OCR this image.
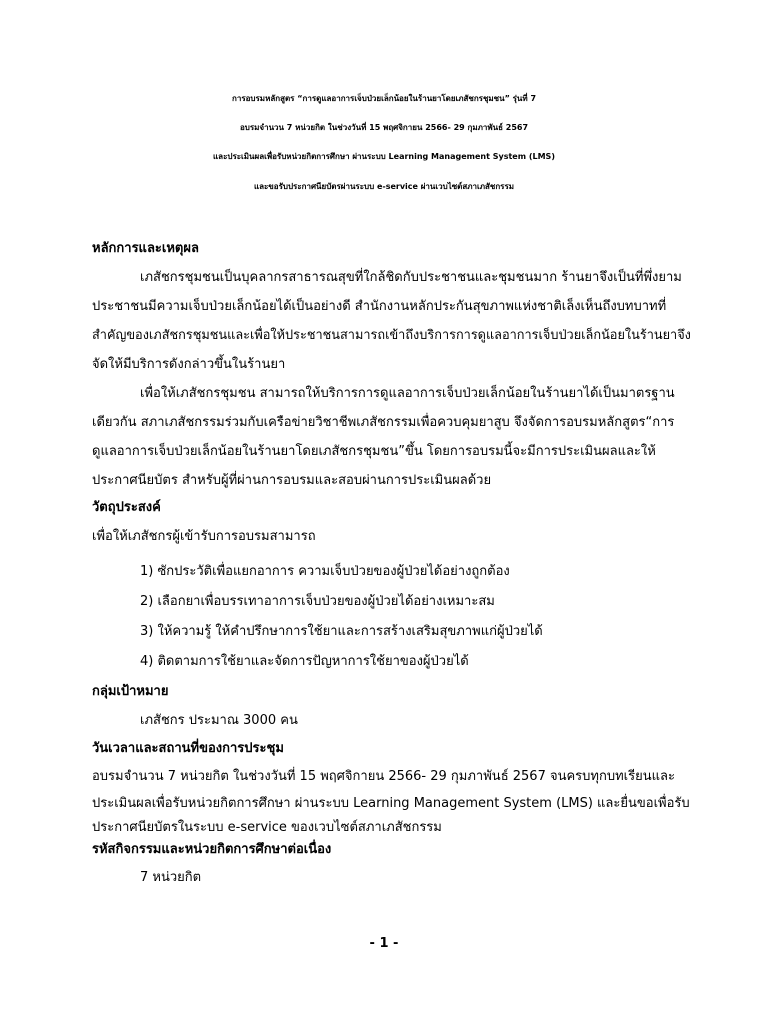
การอบรมหลักสูตร “การดูแลอาการเจ็บป่วยเล็กน้อยในร้านยาโดยเภสัชกรชุมชน” รุ่นที่ 7
อบรมจำนวน 7 หน่วยกิต ในช่วงวันที่ 15 พฤศจิกายน 2566- 29 กุมภาพันธ์ 2567
และประเมินผลเพื่อรับหน่วยกิตการศึกษา ผ่านระบบ Learning Management System (LMS)
และขอรับประกาศนียบัตรผ่านระบบ e-service ผ่านเวบไซต์สภาเภสัชกรรม
หลักการและเหตุผล
เภสัชกรชุมชนเป็นบุคลากรสาธารณสุขที่ใกล้ชิดกับประชาชนและชุมชนมาก ร้านยาจึงเป็นที่พึ่งยาม
ประชาชนมีความเจ็บป่วยเล็กน้อยได้เป็นอย่างดี สำนักงานหลักประกันสุขภาพแห่งชาติเล็งเห็นถึงบทบาทที่
สำคัญของเภสัชกรชุมชนและเพื่อให้ประชาชนสามารถเข้าถึงบริการการดูแลอาการเจ็บป่วยเล็กน้อยในร้านยาจึง
จัดให้มีบริการดังกล่าวขึ้นในร้านยา
เพื่อให้เภสัชกรชุมชน สามารถให้บริการการดูแลอาการเจ็บป่วยเล็กน้อยในร้านยาได้เป็นมาตรฐาน
เดียวกัน สภาเภสัชกรรมร่วมกับเครือข่ายวิชาชีพเภสัชกรรมเพื่อควบคุมยาสูบ จึงจัดการอบรมหลักสูตร“การ
ดูแลอาการเจ็บป่วยเล็กน้อยในร้านยาโดยเภสัชกรชุมชน”ขึ้น โดยการอบรมนี้จะมีการประเมินผลและให้
ประกาศนียบัตร สำหรับผู้ที่ผ่านการอบรมและสอบผ่านการประเมินผลด้วย
วัตถุประสงค์
เพื่อให้เภสัชกรผู้เข้ารับการอบรมสามารถ
1) ซักประวัติเพื่อแยกอาการ ความเจ็บป่วยของผู้ป่วยได้อย่างถูกต้อง
2) เลือกยาเพื่อบรรเทาอาการเจ็บป่วยของผู้ป่วยได้อย่างเหมาะสม
3) ให้ความรู้ ให้คำปรึกษาการใช้ยาและการสร้างเสริมสุขภาพแก่ผู้ป่วยได้
4) ติดตามการใช้ยาและจัดการปัญหาการใช้ยาของผู้ป่วยได้
กลุ่มเป้าหมาย
เภสัชกร ประมาณ 3000 คน
วันเวลาและสถานที่ของการประชุม
อบรมจำนวน 7 หน่วยกิต ในช่วงวันที่ 15 พฤศจิกายน 2566- 29 กุมภาพันธ์ 2567 จนครบทุกบทเรียนและ
ประเมินผลเพื่อรับหน่วยกิตการศึกษา ผ่านระบบ Learning Management System (LMS) และยื่นขอเพื่อรับ
ประกาศนียบัตรในระบบ e-service ของเวบไซต์สภาเภสัชกรรม
รหัสกิจกรรมและหน่วยกิตการศึกษาต่อเนื่อง
7 หน่วยกิต
- 1 -
